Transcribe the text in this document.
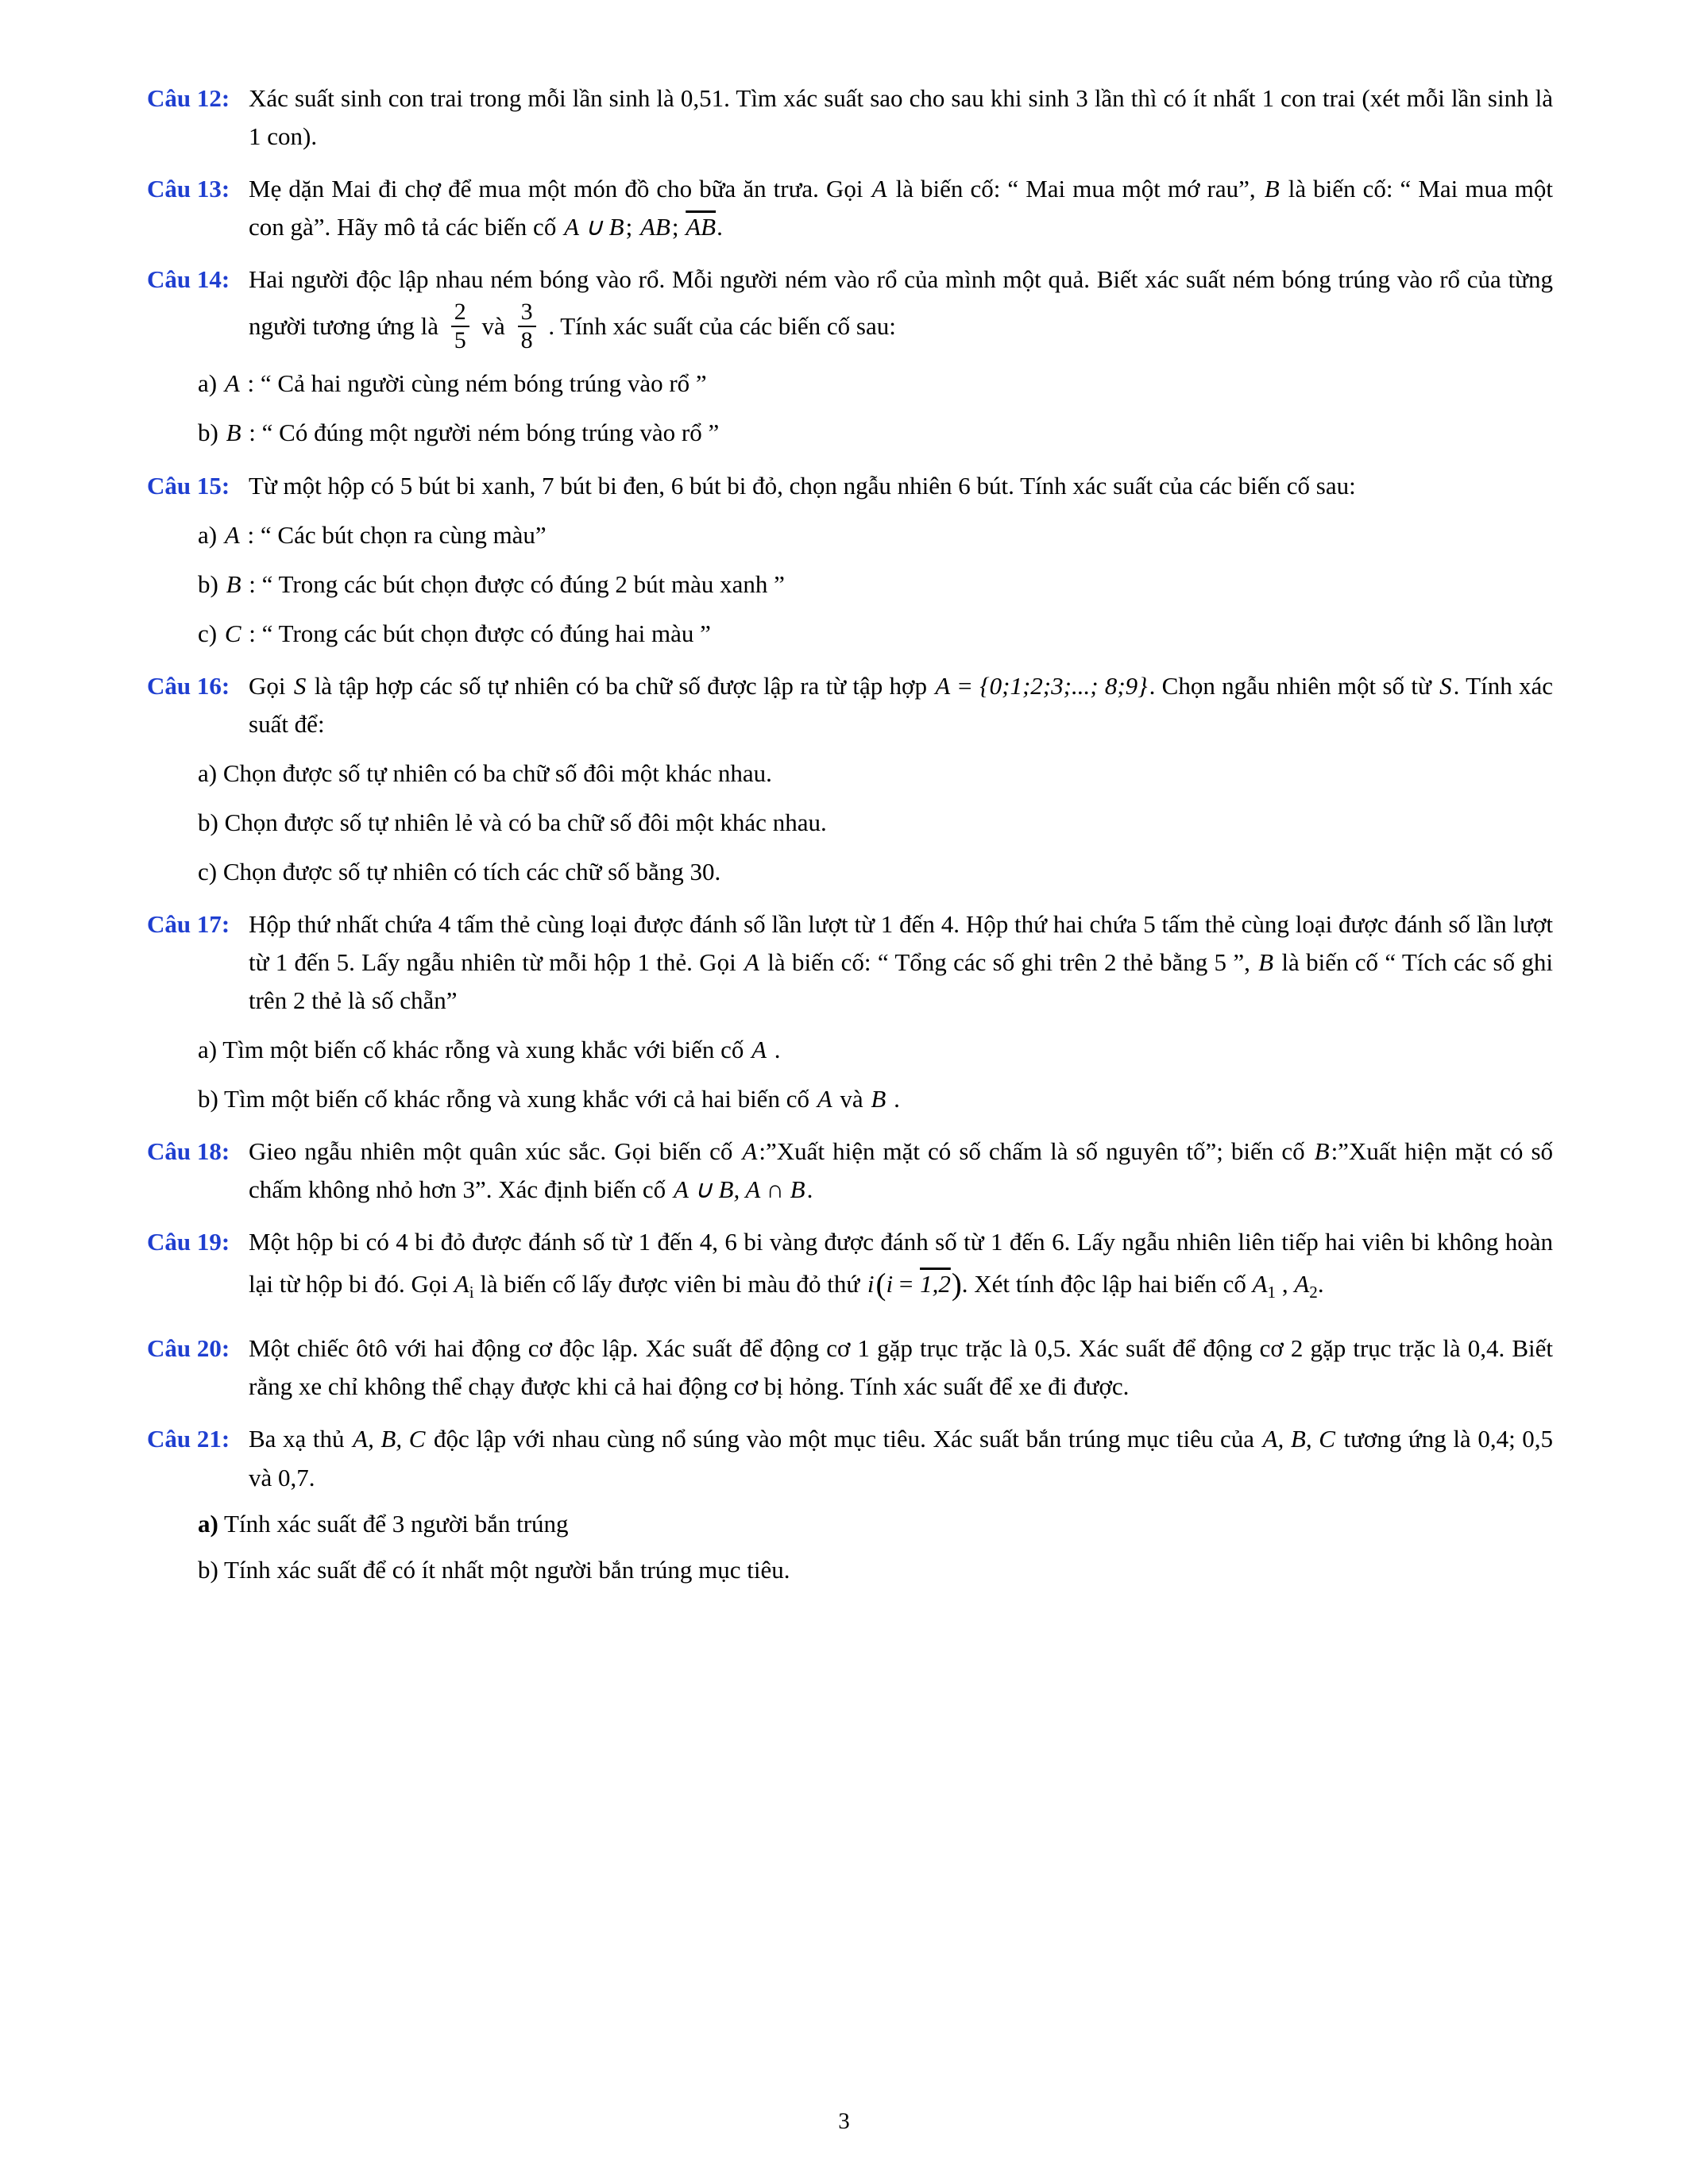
Câu 12: Xác suất sinh con trai trong mỗi lần sinh là 0,51. Tìm xác suất sao cho sau khi sinh 3 lần thì có ít nhất 1 con trai (xét mỗi lần sinh là 1 con).
Câu 13: Mẹ dặn Mai đi chợ để mua một món đồ cho bữa ăn trưa. Gọi A là biến cố: “ Mai mua một mớ rau”, B là biến cố: “ Mai mua một con gà”. Hãy mô tả các biến cố A ∪ B; AB; $\overline{AB}$.
Câu 14: Hai người độc lập nhau ném bóng vào rổ. Mỗi người ném vào rổ của mình một quả. Biết xác suất ném bóng trúng vào rổ của từng người tương ứng là $\frac{2}{5}$ và $\frac{3}{8}$ . Tính xác suất của các biến cố sau:
a) A : “ Cả hai người cùng ném bóng trúng vào rổ ”
b) B : “ Có đúng một người ném bóng trúng vào rổ ”
Câu 15: Từ một hộp có 5 bút bi xanh, 7 bút bi đen, 6 bút bi đỏ, chọn ngẫu nhiên 6 bút. Tính xác suất của các biến cố sau:
a) A : “ Các bút chọn ra cùng màu”
b) B : “ Trong các bút chọn được có đúng 2 bút màu xanh ”
c) C : “ Trong các bút chọn được có đúng hai màu ”
Câu 16: Gọi S là tập hợp các số tự nhiên có ba chữ số được lập ra từ tập hợp A = {0;1;2;3;...; 8;9}. Chọn ngẫu nhiên một số từ S. Tính xác suất để:
a) Chọn được số tự nhiên có ba chữ số đôi một khác nhau.
b) Chọn được số tự nhiên lẻ và có ba chữ số đôi một khác nhau.
c) Chọn được số tự nhiên có tích các chữ số bằng 30.
Câu 17: Hộp thứ nhất chứa 4 tấm thẻ cùng loại được đánh số lần lượt từ 1 đến 4. Hộp thứ hai chứa 5 tấm thẻ cùng loại được đánh số lần lượt từ 1 đến 5. Lấy ngẫu nhiên từ mỗi hộp 1 thẻ. Gọi A là biến cố: “ Tổng các số ghi trên 2 thẻ bằng 5 ”, B là biến cố “ Tích các số ghi trên 2 thẻ là số chẵn”
a) Tìm một biến cố khác rỗng và xung khắc với biến cố A .
b) Tìm một biến cố khác rỗng và xung khắc với cả hai biến cố A và B .
Câu 18: Gieo ngẫu nhiên một quân xúc sắc. Gọi biến cố A:”Xuất hiện mặt có số chấm là số nguyên tố”; biến cố B:”Xuất hiện mặt có số chấm không nhỏ hơn 3”. Xác định biến cố A ∪ B, A ∩ B.
Câu 19: Một hộp bi có 4 bi đỏ được đánh số từ 1 đến 4, 6 bi vàng được đánh số từ 1 đến 6. Lấy ngẫu nhiên liên tiếp hai viên bi không hoàn lại từ hộp bi đó. Gọi $A_i$ là biến cố lấy được viên bi màu đỏ thứ i(i = 1,2). Xét tính độc lập hai biến cố $A_1$ , $A_2$.
Câu 20: Một chiếc ôtô với hai động cơ độc lập. Xác suất để động cơ 1 gặp trục trặc là 0,5. Xác suất để động cơ 2 gặp trục trặc là 0,4. Biết rằng xe chỉ không thể chạy được khi cả hai động cơ bị hỏng. Tính xác suất để xe đi được.
Câu 21: Ba xạ thủ A, B, C độc lập với nhau cùng nổ súng vào một mục tiêu. Xác suất bắn trúng mục tiêu của A, B, C tương ứng là 0,4; 0,5 và 0,7.
a) Tính xác suất để 3 người bắn trúng
b) Tính xác suất để có ít nhất một người bắn trúng mục tiêu.
3
